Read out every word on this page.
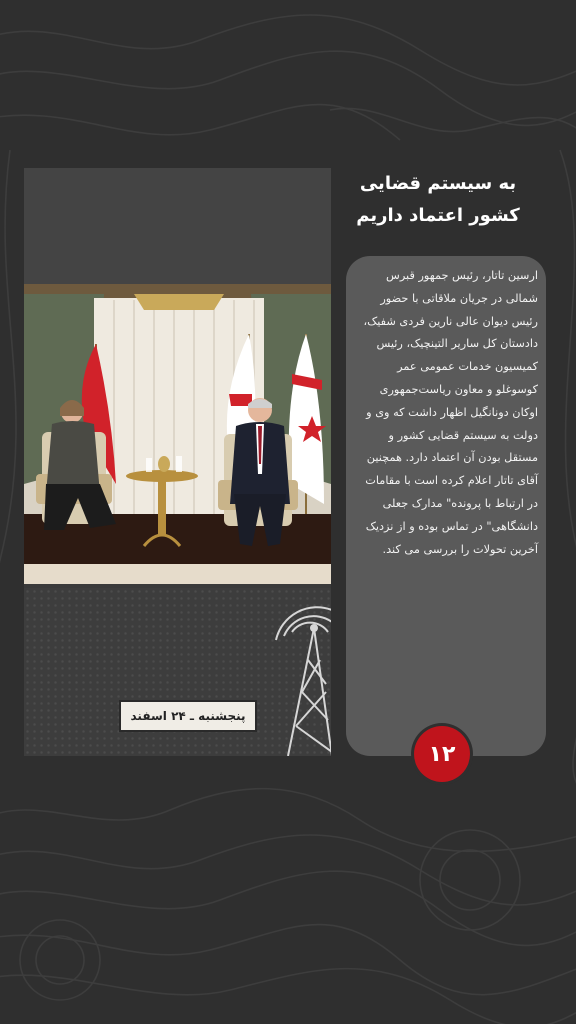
پنجشنبه ـ ۲۴ اسفند
به سیستم قضایی
کشور اعتماد داریم

ارسین تاتار، رئیس جمهور قبرس شمالی در جریان ملاقاتی با حضور رئیس دیوان عالی نارین فردی شفیک، دادستان کل ساریر التینچیک، رئیس کمیسیون خدمات عمومی عمر کوسوغلو و معاون ریاست‌جمهوری اوکان دونانگیل اظهار داشت که وی و دولت به سیستم قضایی کشور و مستقل بودن آن اعتماد دارد. همچنین آقای تاتار اعلام کرده است با مقامات در ارتباط با پرونده" مدارک جعلی دانشگاهی" در تماس بوده و از نزدیک آخرین تحولات را بررسی می کند.

۱۲
